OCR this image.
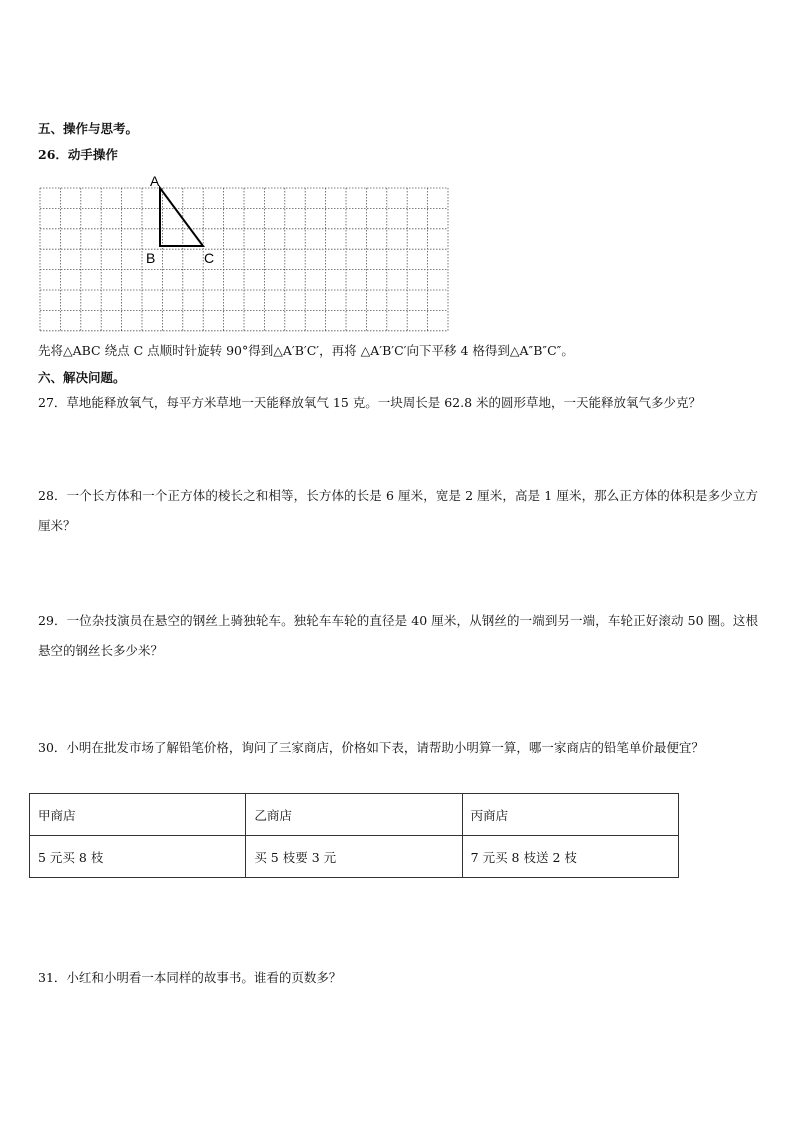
五、操作与思考。
26．动手操作
A
B	C
先将△ABC 绕点 C 点顺时针旋转 90°得到△A′B′C′，再将 △A′B′C′向下平移 4 格得到△A″B″C″。
六、解决问题。
27．草地能释放氧气，每平方米草地一天能释放氧气 15 克。一块周长是 62.8 米的圆形草地，一天能释放氧气多少克？
28．一个长方体和一个正方体的棱长之和相等，长方体的长是 6 厘米，宽是 2 厘米，高是 1 厘米，那么正方体的体积是多少立方厘米？
29．一位杂技演员在悬空的钢丝上骑独轮车。独轮车车轮的直径是 40 厘米，从钢丝的一端到另一端，车轮正好滚动 50 圈。这根悬空的钢丝长多少米？
30．小明在批发市场了解铅笔价格，询问了三家商店，价格如下表，请帮助小明算一算，哪一家商店的铅笔单价最便宜？
甲商店	乙商店	丙商店
5 元买 8 枝	买 5 枝要 3 元	7 元买 8 枝送 2 枝
31．小红和小明看一本同样的故事书。谁看的页数多？
